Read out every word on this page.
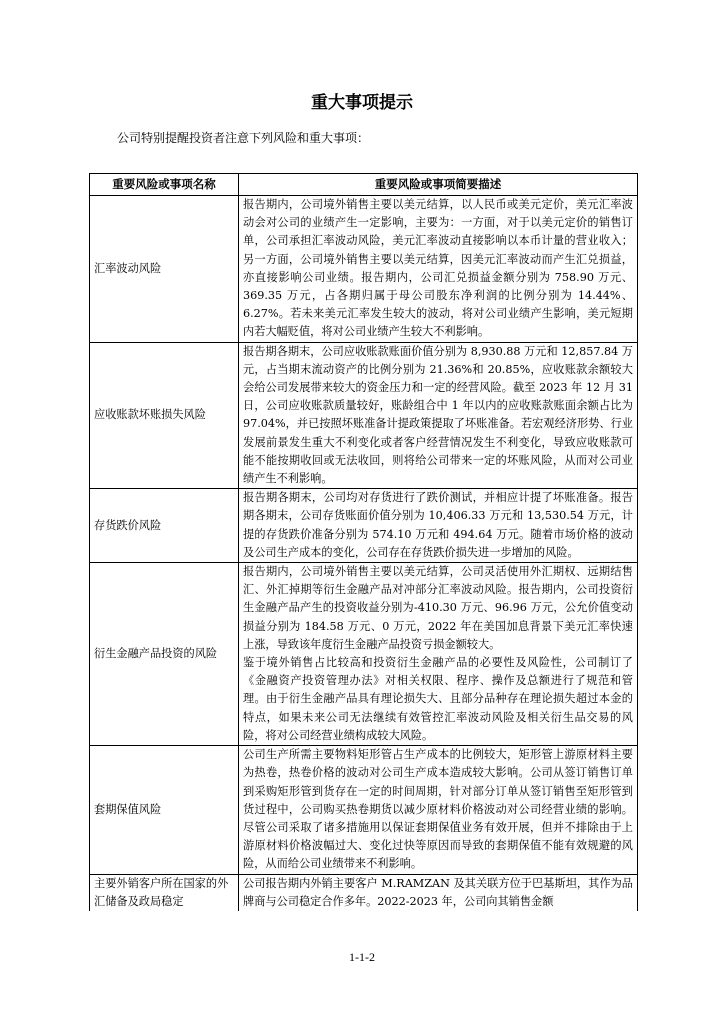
重大事项提示
公司特别提醒投资者注意下列风险和重大事项：
重要风险或事项名称	重要风险或事项简要描述
汇率波动风险	报告期内，公司境外销售主要以美元结算，以人民币或美元定价，美元汇率波动会对公司的业绩产生一定影响，主要为：一方面，对于以美元定价的销售订单，公司承担汇率波动风险，美元汇率波动直接影响以本币计量的营业收入；另一方面，公司境外销售主要以美元结算，因美元汇率波动而产生汇兑损益，亦直接影响公司业绩。报告期内，公司汇兑损益金额分别为 758.90 万元、369.35 万元，占各期归属于母公司股东净利润的比例分别为 14.44%、6.27%。若未来美元汇率发生较大的波动，将对公司业绩产生影响，美元短期内若大幅贬值，将对公司业绩产生较大不利影响。
应收账款坏账损失风险	报告期各期末，公司应收账款账面价值分别为 8,930.88 万元和 12,857.84 万元，占当期末流动资产的比例分别为 21.36%和 20.85%，应收账款余额较大会给公司发展带来较大的资金压力和一定的经营风险。截至 2023 年 12 月 31 日，公司应收账款质量较好，账龄组合中 1 年以内的应收账款账面余额占比为 97.04%，并已按照坏账准备计提政策提取了坏账准备。若宏观经济形势、行业发展前景发生重大不利变化或者客户经营情况发生不利变化，导致应收账款可能不能按期收回或无法收回，则将给公司带来一定的坏账风险，从而对公司业绩产生不利影响。
存货跌价风险	报告期各期末，公司均对存货进行了跌价测试，并相应计提了坏账准备。报告期各期末，公司存货账面价值分别为 10,406.33 万元和 13,530.54 万元，计提的存货跌价准备分别为 574.10 万元和 494.64 万元。随着市场价格的波动及公司生产成本的变化，公司存在存货跌价损失进一步增加的风险。
衍生金融产品投资的风险	报告期内，公司境外销售主要以美元结算，公司灵活使用外汇期权、远期结售汇、外汇掉期等衍生金融产品对冲部分汇率波动风险。报告期内，公司投资衍生金融产品产生的投资收益分别为-410.30 万元、96.96 万元，公允价值变动损益分别为 184.58 万元、0 万元，2022 年在美国加息背景下美元汇率快速上涨，导致该年度衍生金融产品投资亏损金额较大。
鉴于境外销售占比较高和投资衍生金融产品的必要性及风险性，公司制订了《金融资产投资管理办法》对相关权限、程序、操作及总额进行了规范和管理。由于衍生金融产品具有理论损失大、且部分品种存在理论损失超过本金的特点，如果未来公司无法继续有效管控汇率波动风险及相关衍生品交易的风险，将对公司经营业绩构成较大风险。
套期保值风险	公司生产所需主要物料矩形管占生产成本的比例较大，矩形管上游原材料主要为热卷，热卷价格的波动对公司生产成本造成较大影响。公司从签订销售订单到采购矩形管到货存在一定的时间周期，针对部分订单从签订销售至矩形管到货过程中，公司购买热卷期货以减少原材料价格波动对公司经营业绩的影响。尽管公司采取了诸多措施用以保证套期保值业务有效开展，但并不排除由于上游原材料价格波幅过大、变化过快等原因而导致的套期保值不能有效规避的风险，从而给公司业绩带来不利影响。

主要外销客户所在国家的外汇储备及政局稳定	公司报告期内外销主要客户 M.RAMZAN 及其关联方位于巴基斯坦，其作为品牌商与公司稳定合作多年。2022-2023 年，公司向其销售金额
1-1-2
